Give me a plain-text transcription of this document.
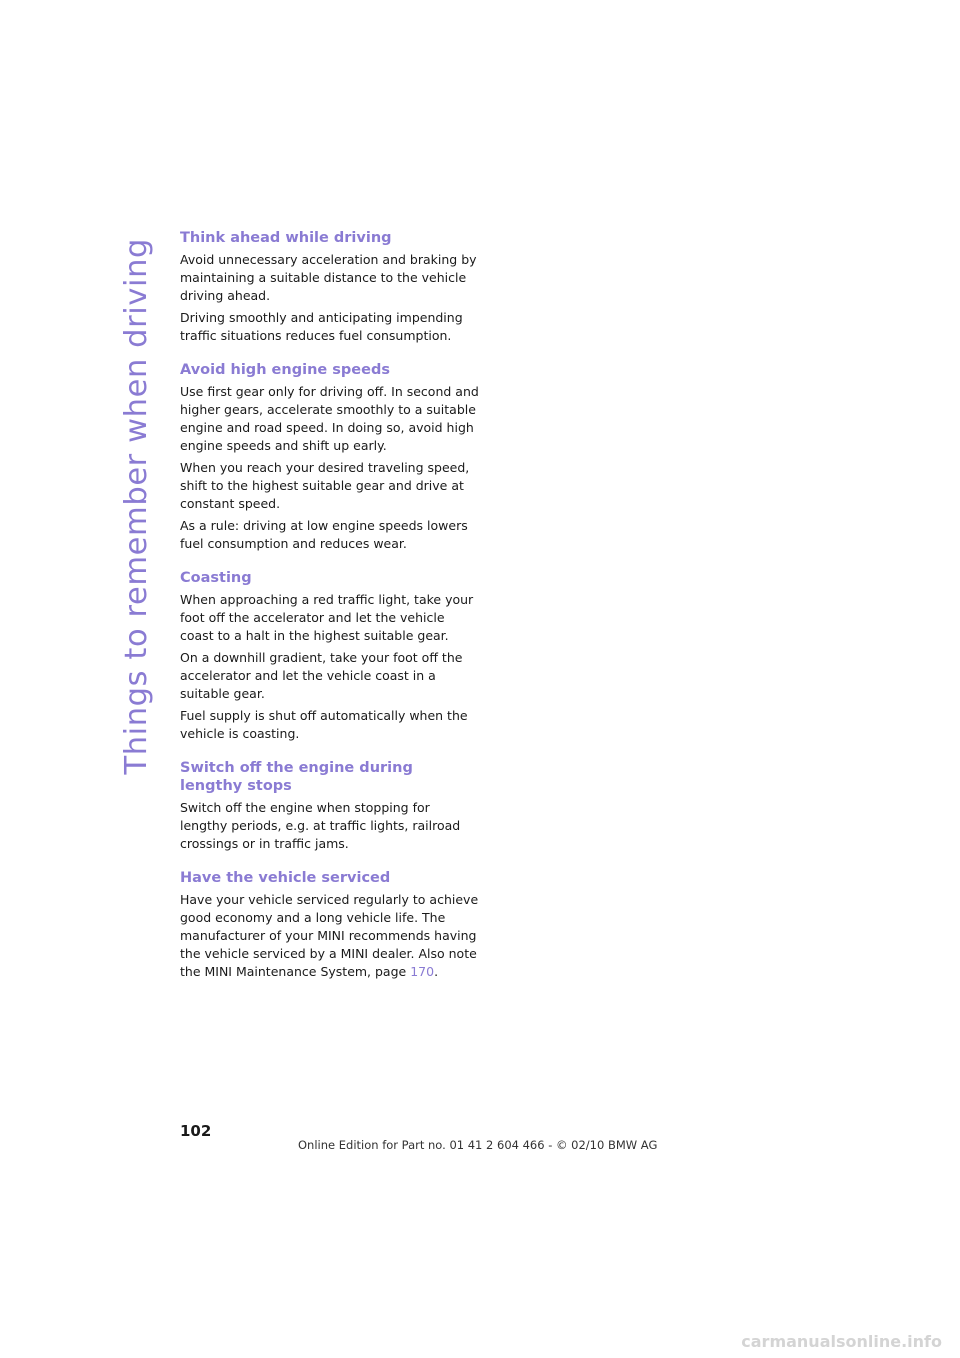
Things to remember when driving Think ahead while driving

Avoid unnecessary acceleration and braking by maintaining a suitable distance to the vehicle driving ahead.

Driving smoothly and anticipating impending traffic situations reduces fuel consumption.

Avoid high engine speeds

Use first gear only for driving off. In second and higher gears, accelerate smoothly to a suitable engine and road speed. In doing so, avoid high engine speeds and shift up early.

When you reach your desired traveling speed, shift to the highest suitable gear and drive at constant speed.

As a rule: driving at low engine speeds lowers fuel consumption and reduces wear.

Coasting

When approaching a red traffic light, take your foot off the accelerator and let the vehicle coast to a halt in the highest suitable gear.

On a downhill gradient, take your foot off the accelerator and let the vehicle coast in a suitable gear.

Fuel supply is shut off automatically when the vehicle is coasting.

Switch off the engine during lengthy stops

Switch off the engine when stopping for lengthy periods, e.g. at traffic lights, railroad crossings or in traffic jams.

Have the vehicle serviced

Have your vehicle serviced regularly to achieve good economy and a long vehicle life. The manufacturer of your MINI recommends having the vehicle serviced by a MINI dealer. Also note the MINI Maintenance System, page 170.

102
Online Edition for Part no. 01 41 2 604 466 - © 02/10 BMW AG
carmanualsonline.info
